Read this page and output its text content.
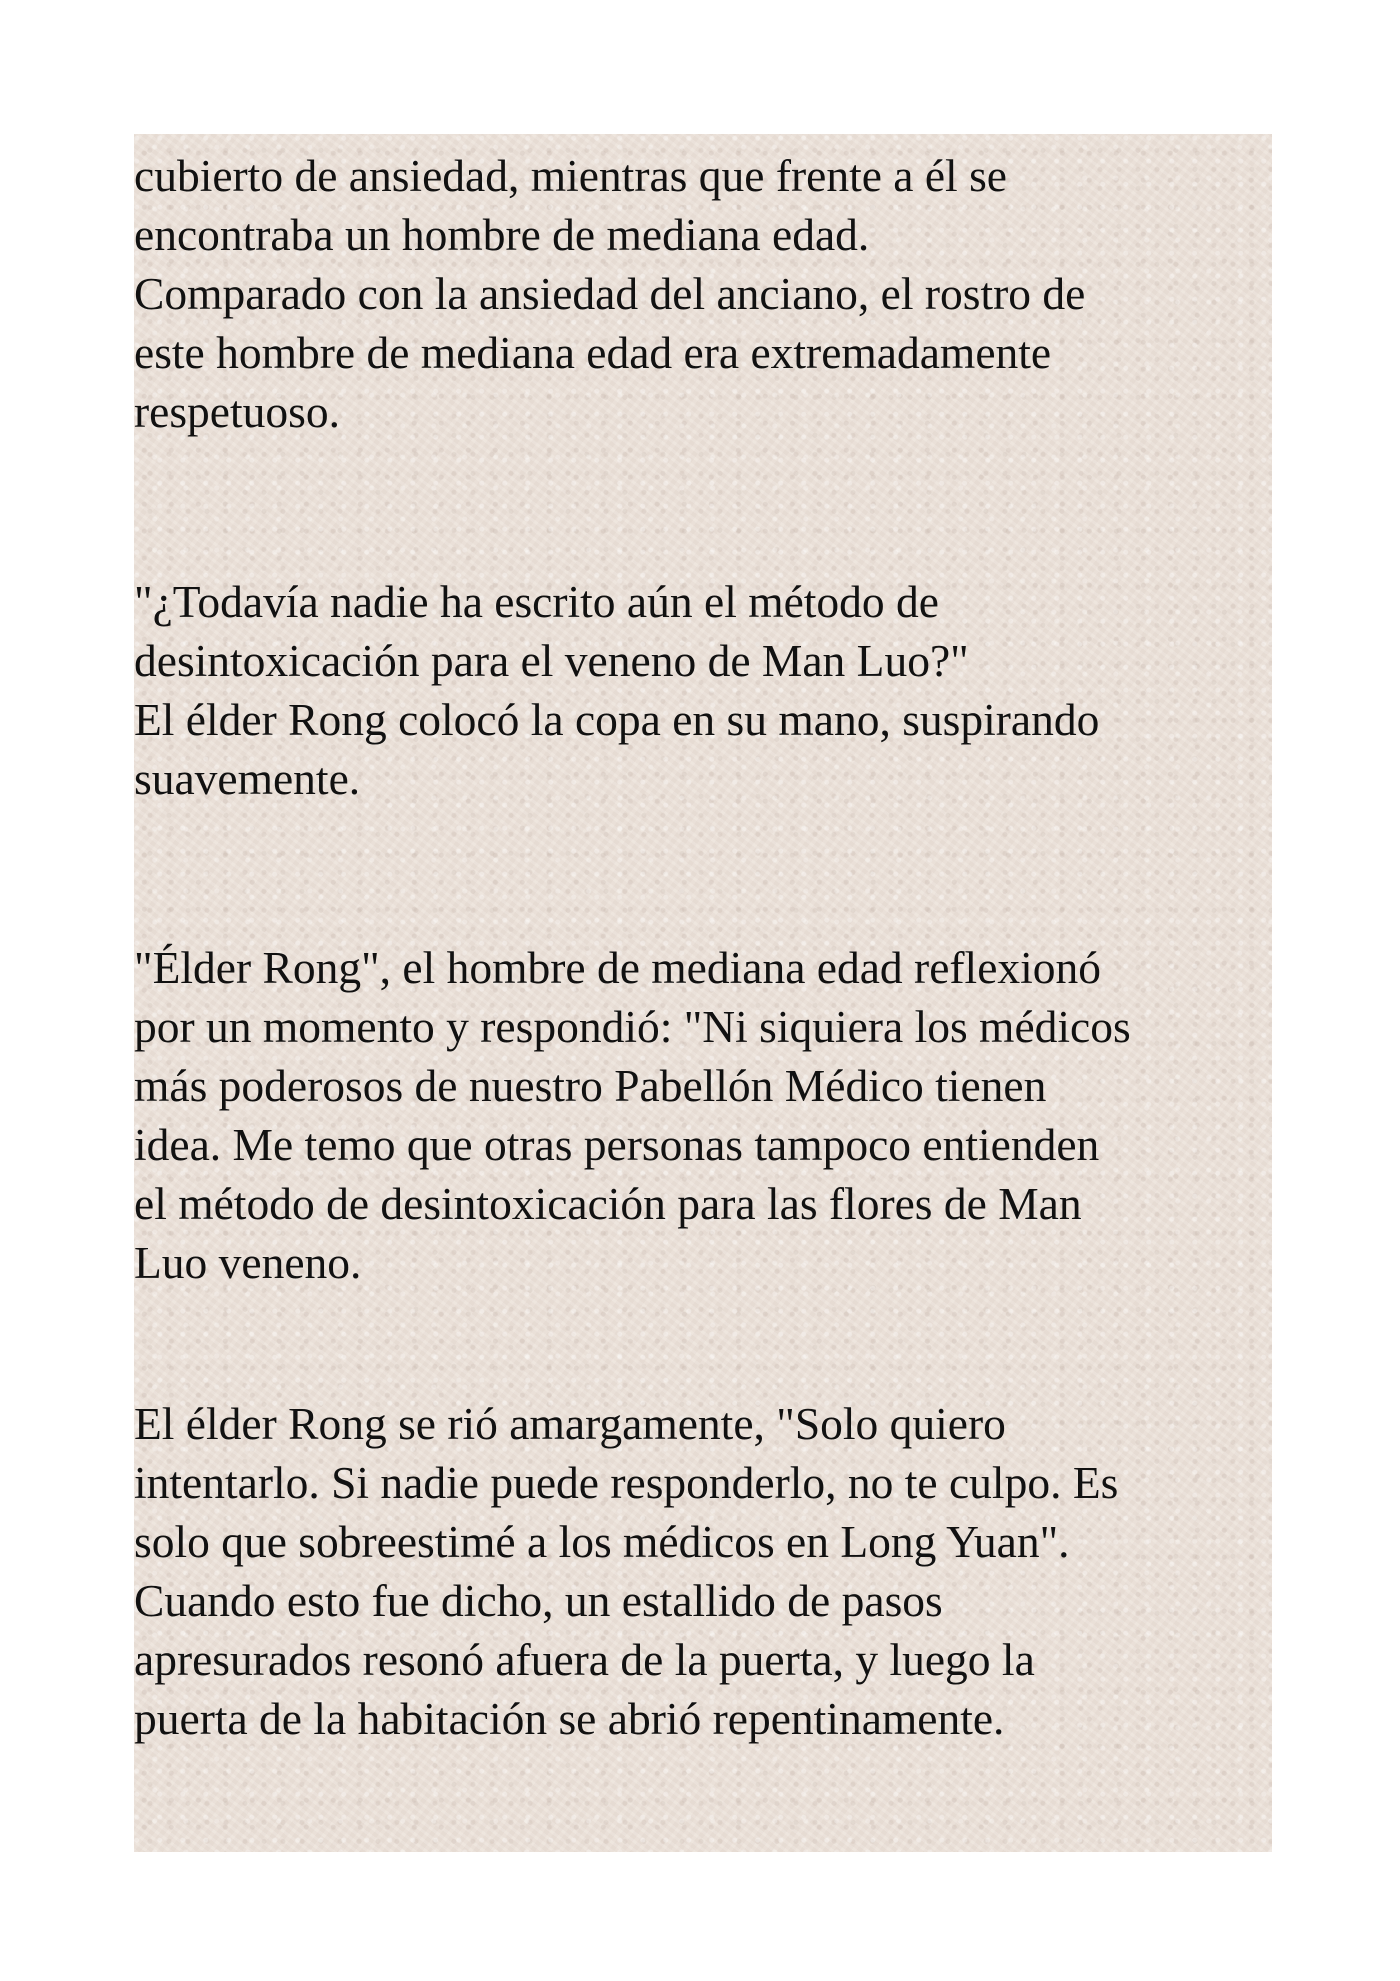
cubierto de ansiedad, mientras que frente a él se
encontraba un hombre de mediana edad.
Comparado con la ansiedad del anciano, el rostro de
este hombre de mediana edad era extremadamente
respetuoso.
"¿Todavía nadie ha escrito aún el método de
desintoxicación para el veneno de Man Luo?"
El élder Rong colocó la copa en su mano, suspirando
suavemente.
"Élder Rong", el hombre de mediana edad reflexionó
por un momento y respondió: "Ni siquiera los médicos
más poderosos de nuestro Pabellón Médico tienen
idea. Me temo que otras personas tampoco entienden
el método de desintoxicación para las flores de Man
Luo veneno.
El élder Rong se rió amargamente, "Solo quiero
intentarlo. Si nadie puede responderlo, no te culpo. Es
solo que sobreestimé a los médicos en Long Yuan".
Cuando esto fue dicho, un estallido de pasos
apresurados resonó afuera de la puerta, y luego la
puerta de la habitación se abrió repentinamente.
